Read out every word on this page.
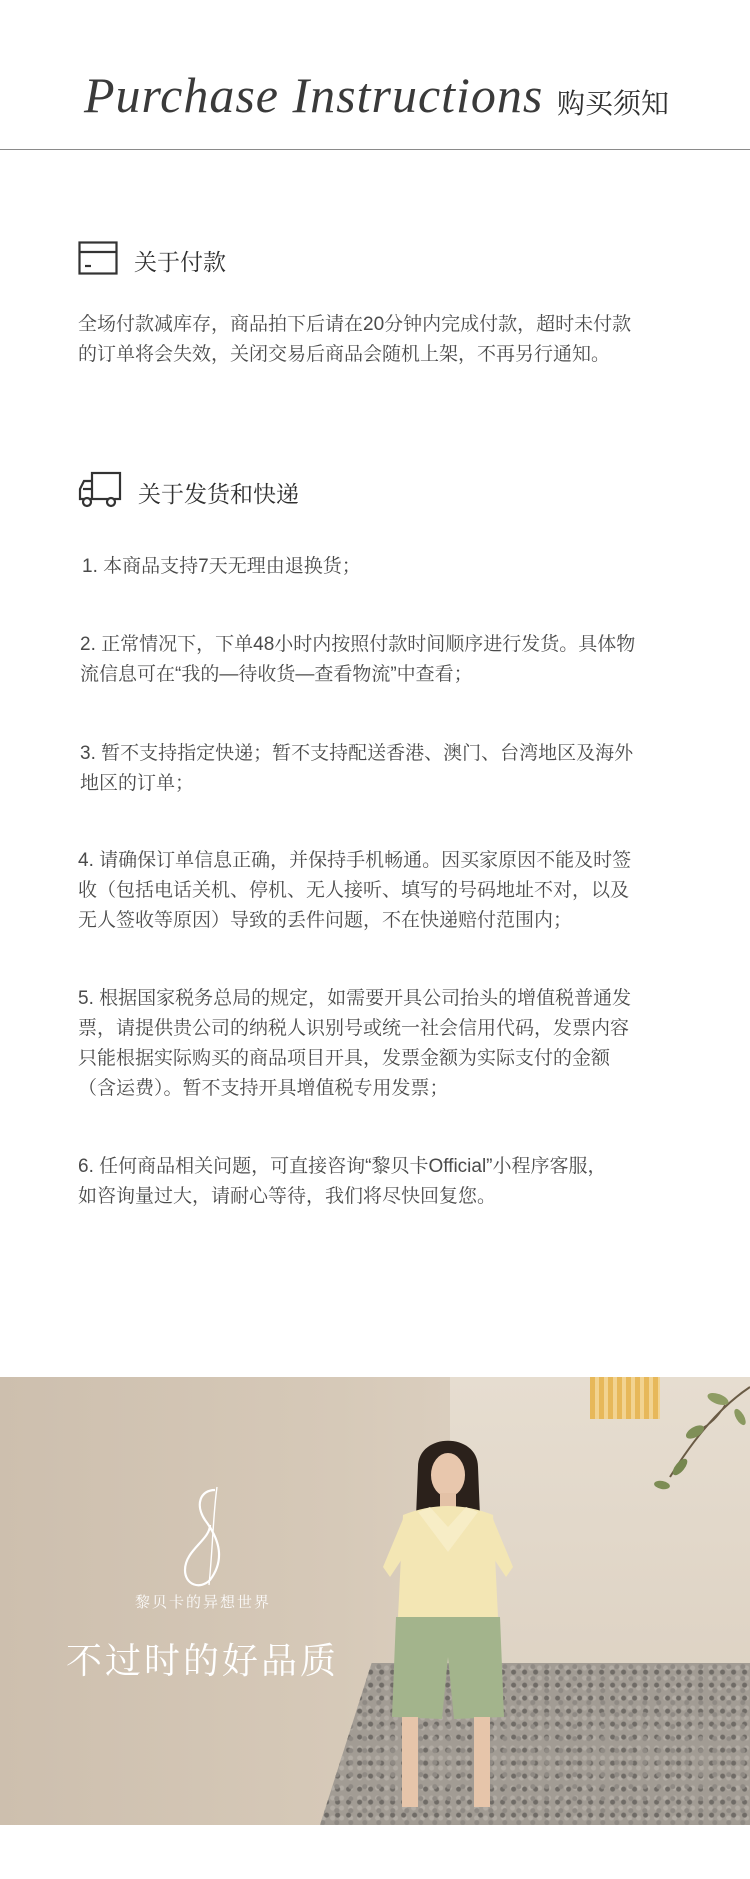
Purchase Instructions 购买须知
关于付款

全场付款减库存，商品拍下后请在20分钟内完成付款，超时未付款

的订单将会失效，关闭交易后商品会随机上架，不再另行通知。

关于发货和快递

1. 本商品支持7天无理由退换货；

2. 正常情况下，下单48小时内按照付款时间顺序进行发货。具体物

流信息可在“我的—待收货—查看物流”中查看；

3. 暂不支持指定快递；暂不支持配送香港、澳门、台湾地区及海外

地区的订单；

4. 请确保订单信息正确，并保持手机畅通。因买家原因不能及时签

收（包括电话关机、停机、无人接听、填写的号码地址不对，以及

无人签收等原因）导致的丢件问题，不在快递赔付范围内；

5. 根据国家税务总局的规定，如需要开具公司抬头的增值税普通发

票，请提供贵公司的纳税人识别号或统一社会信用代码，发票内容

只能根据实际购买的商品项目开具，发票金额为实际支付的金额

（含运费）。暂不支持开具增值税专用发票；

6. 任何商品相关问题，可直接咨询“黎贝卡Official”小程序客服，

如咨询量过大，请耐心等待，我们将尽快回复您。

黎贝卡的异想世界
不过时的好品质
